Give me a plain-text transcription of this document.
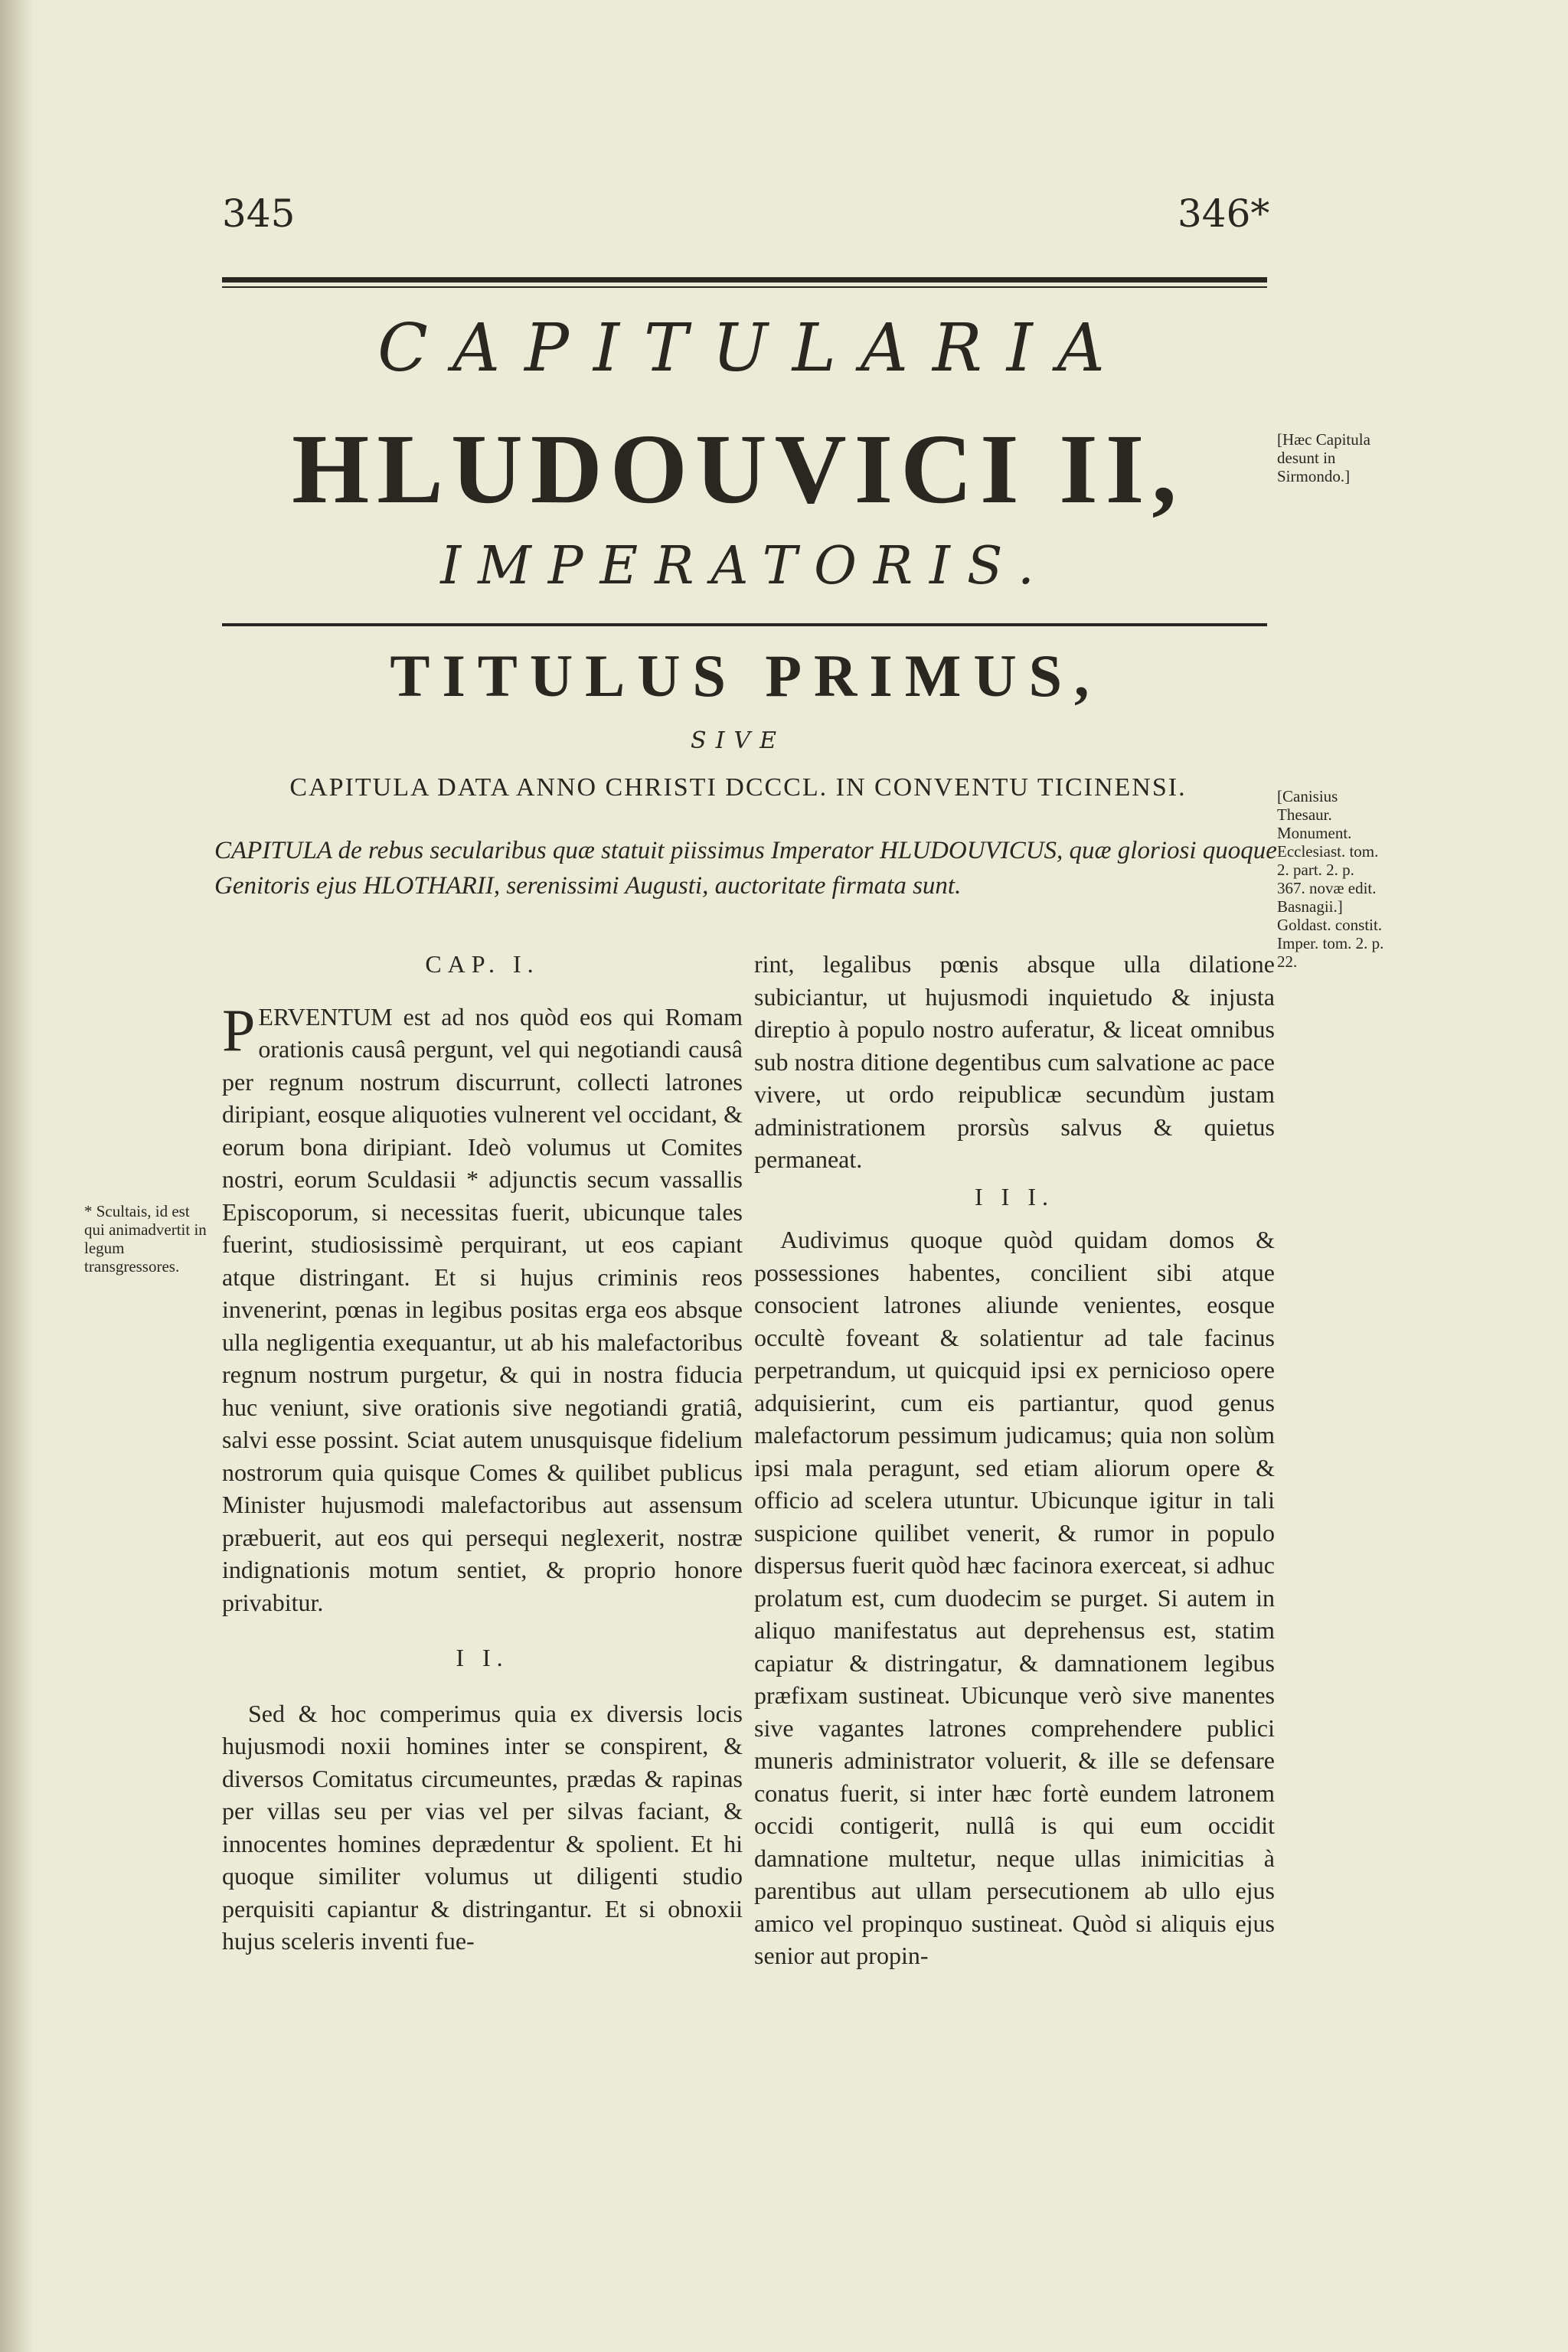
345	346*
CAPITULARIA
HLUDOUVICI II,
IMPERATORIS.
TITULUS PRIMUS,
SIVE
CAPITULA DATA ANNO CHRISTI DCCCL. IN CONVENTU TICINENSI.
[Hæc Capitula desunt in Sirmondo.]
[Canisius Thesaur. Monument. Ecclesiast. tom. 2. part. 2. p. 367. novæ edit. Basnagii.] Goldast. constit. Imper. tom. 2. p. 22.
* Scultais, id est qui animadvertit in legum transgressores.
CAPITULA de rebus secularibus quæ statuit piissimus Imperator HLUDOUVICUS, quæ gloriosi quoque Genitoris ejus HLOTHARII, serenissimi Augusti, auctoritate firmata sunt.
CAP. I.

PERVENTUM est ad nos quòd eos qui Romam orationis causâ pergunt, vel qui negotiandi causâ per regnum nostrum discurrunt, collecti latrones diripiant, eosque aliquoties vulnerent vel occidant, & eorum bona diripiant. Ideò volumus ut Comites nostri, eorum Sculdasii * adjunctis secum vassallis Episcoporum, si necessitas fuerit, ubicunque tales fuerint, studiosissimè perquirant, ut eos capiant atque distringant. Et si hujus criminis reos invenerint, pœnas in legibus positas erga eos absque ulla negligentia exequantur, ut ab his malefactoribus regnum nostrum purgetur, & qui in nostra fiducia huc veniunt, sive orationis sive negotiandi gratiâ, salvi esse possint. Sciat autem unusquisque fidelium nostrorum quia quisque Comes & quilibet publicus Minister hujusmodi malefactoribus aut assensum præbuerit, aut eos qui persequi neglexerit, nostræ indignationis motum sentiet, & proprio honore privabitur.

I I.

Sed & hoc comperimus quia ex diversis locis hujusmodi noxii homines inter se conspirent, & diversos Comitatus circumeuntes, prædas & rapinas per villas seu per vias vel per silvas faciant, & innocentes homines deprædentur & spolient. Et hi quoque similiter volumus ut diligenti studio perquisiti capiantur & distringantur. Et si obnoxii hujus sceleris inventi fue-

rint, legalibus pœnis absque ulla dilatione subiciantur, ut hujusmodi inquietudo & injusta direptio à populo nostro auferatur, & liceat omnibus sub nostra ditione degentibus cum salvatione ac pace vivere, ut ordo reipublicæ secundùm justam administrationem prorsùs salvus & quietus permaneat.

I I I.

Audivimus quoque quòd quidam domos & possessiones habentes, concilient sibi atque consocient latrones aliunde venientes, eosque occultè foveant & solatientur ad tale facinus perpetrandum, ut quicquid ipsi ex pernicioso opere adquisierint, cum eis partiantur, quod genus malefactorum pessimum judicamus; quia non solùm ipsi mala peragunt, sed etiam aliorum opere & officio ad scelera utuntur. Ubicunque igitur in tali suspicione quilibet venerit, & rumor in populo dispersus fuerit quòd hæc facinora exerceat, si adhuc prolatum est, cum duodecim se purget. Si autem in aliquo manifestatus aut deprehensus est, statim capiatur & distringatur, & damnationem legibus præfixam sustineat. Ubicunque verò sive manentes sive vagantes latrones comprehendere publici muneris administrator voluerit, & ille se defensare conatus fuerit, si inter hæc fortè eundem latronem occidi contigerit, nullâ is qui eum occidit damnatione multetur, neque ullas inimicitias à parentibus aut ullam persecutionem ab ullo ejus amico vel propinquo sustineat. Quòd si aliquis ejus senior aut propin-
